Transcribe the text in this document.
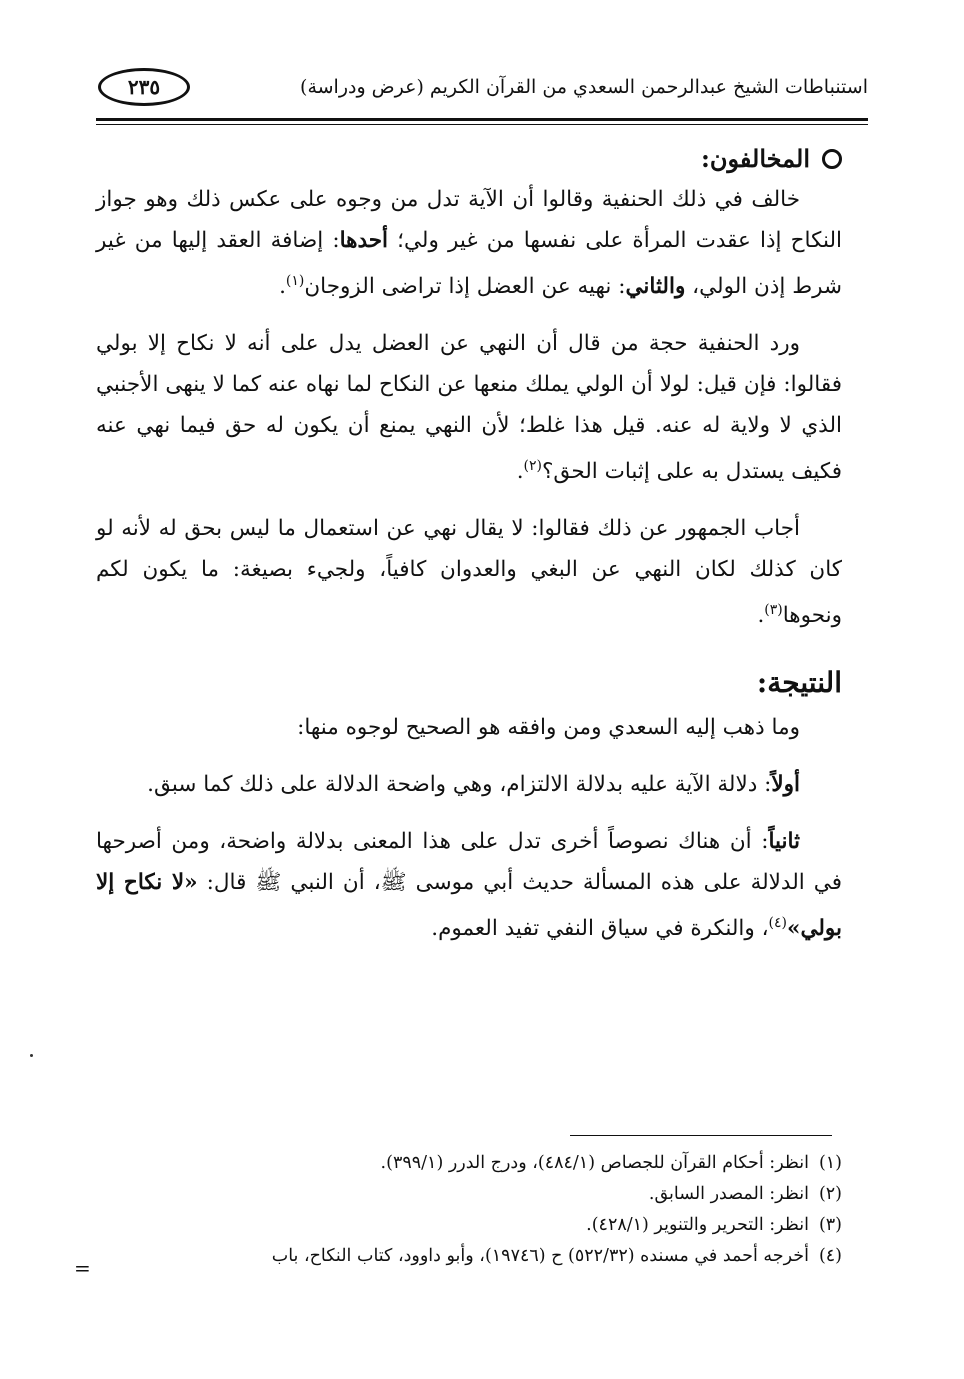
استنباطات الشيخ عبدالرحمن السعدي من القرآن الكريم (عرض ودراسة)
٢٣٥
المخالفون:

خالف في ذلك الحنفية وقالوا أن الآية تدل من وجوه على عكس ذلك وهو جواز النكاح إذا عقدت المرأة على نفسها من غير ولي؛ أحدها: إضافة العقد إليها من غير شرط إذن الولي، والثاني: نهيه عن العضل إذا تراضى الزوجان$^{(١)}$.

ورد الحنفية حجة من قال أن النهي عن العضل يدل على أنه لا نكاح إلا بولي فقالوا: فإن قيل: لولا أن الولي يملك منعها عن النكاح لما نهاه عنه كما لا ينهى الأجنبي الذي لا ولاية له عنه. قيل هذا غلط؛ لأن النهي يمنع أن يكون له حق فيما نهي عنه فكيف يستدل به على إثبات الحق؟$^{(٢)}$.

أجاب الجمهور عن ذلك فقالوا: لا يقال نهي عن استعمال ما ليس بحق له لأنه لو كان كذلك لكان النهي عن البغي والعدوان كافياً، ولجيء بصيغة: ما يكون لكم ونحوها$^{(٣)}$.

النتيجة:

وما ذهب إليه السعدي ومن وافقه هو الصحيح لوجوه منها:

أولاً: دلالة الآية عليه بدلالة الالتزام، وهي واضحة الدلالة على ذلك كما سبق.

ثانياً: أن هناك نصوصاً أخرى تدل على هذا المعنى بدلالة واضحة، ومن أصرحها في الدلالة على هذه المسألة حديث أبي موسى ﷺ، أن النبي ﷺ قال: «لا نكاح إلا بولي»$^{(٤)}$، والنكرة في سياق النفي تفيد العموم.

(١)انظر: أحكام القرآن للجصاص (٤٨٤/١)، ودرج الدرر (٣٩٩/١).
(٢)انظر: المصدر السابق.
(٣)انظر: التحرير والتنوير (٤٢٨/١).
(٤)أخرجه أحمد في مسنده (٥٢٢/٣٢) ح (١٩٧٤٦)، وأبو داوود، كتاب النكاح، باب
=
